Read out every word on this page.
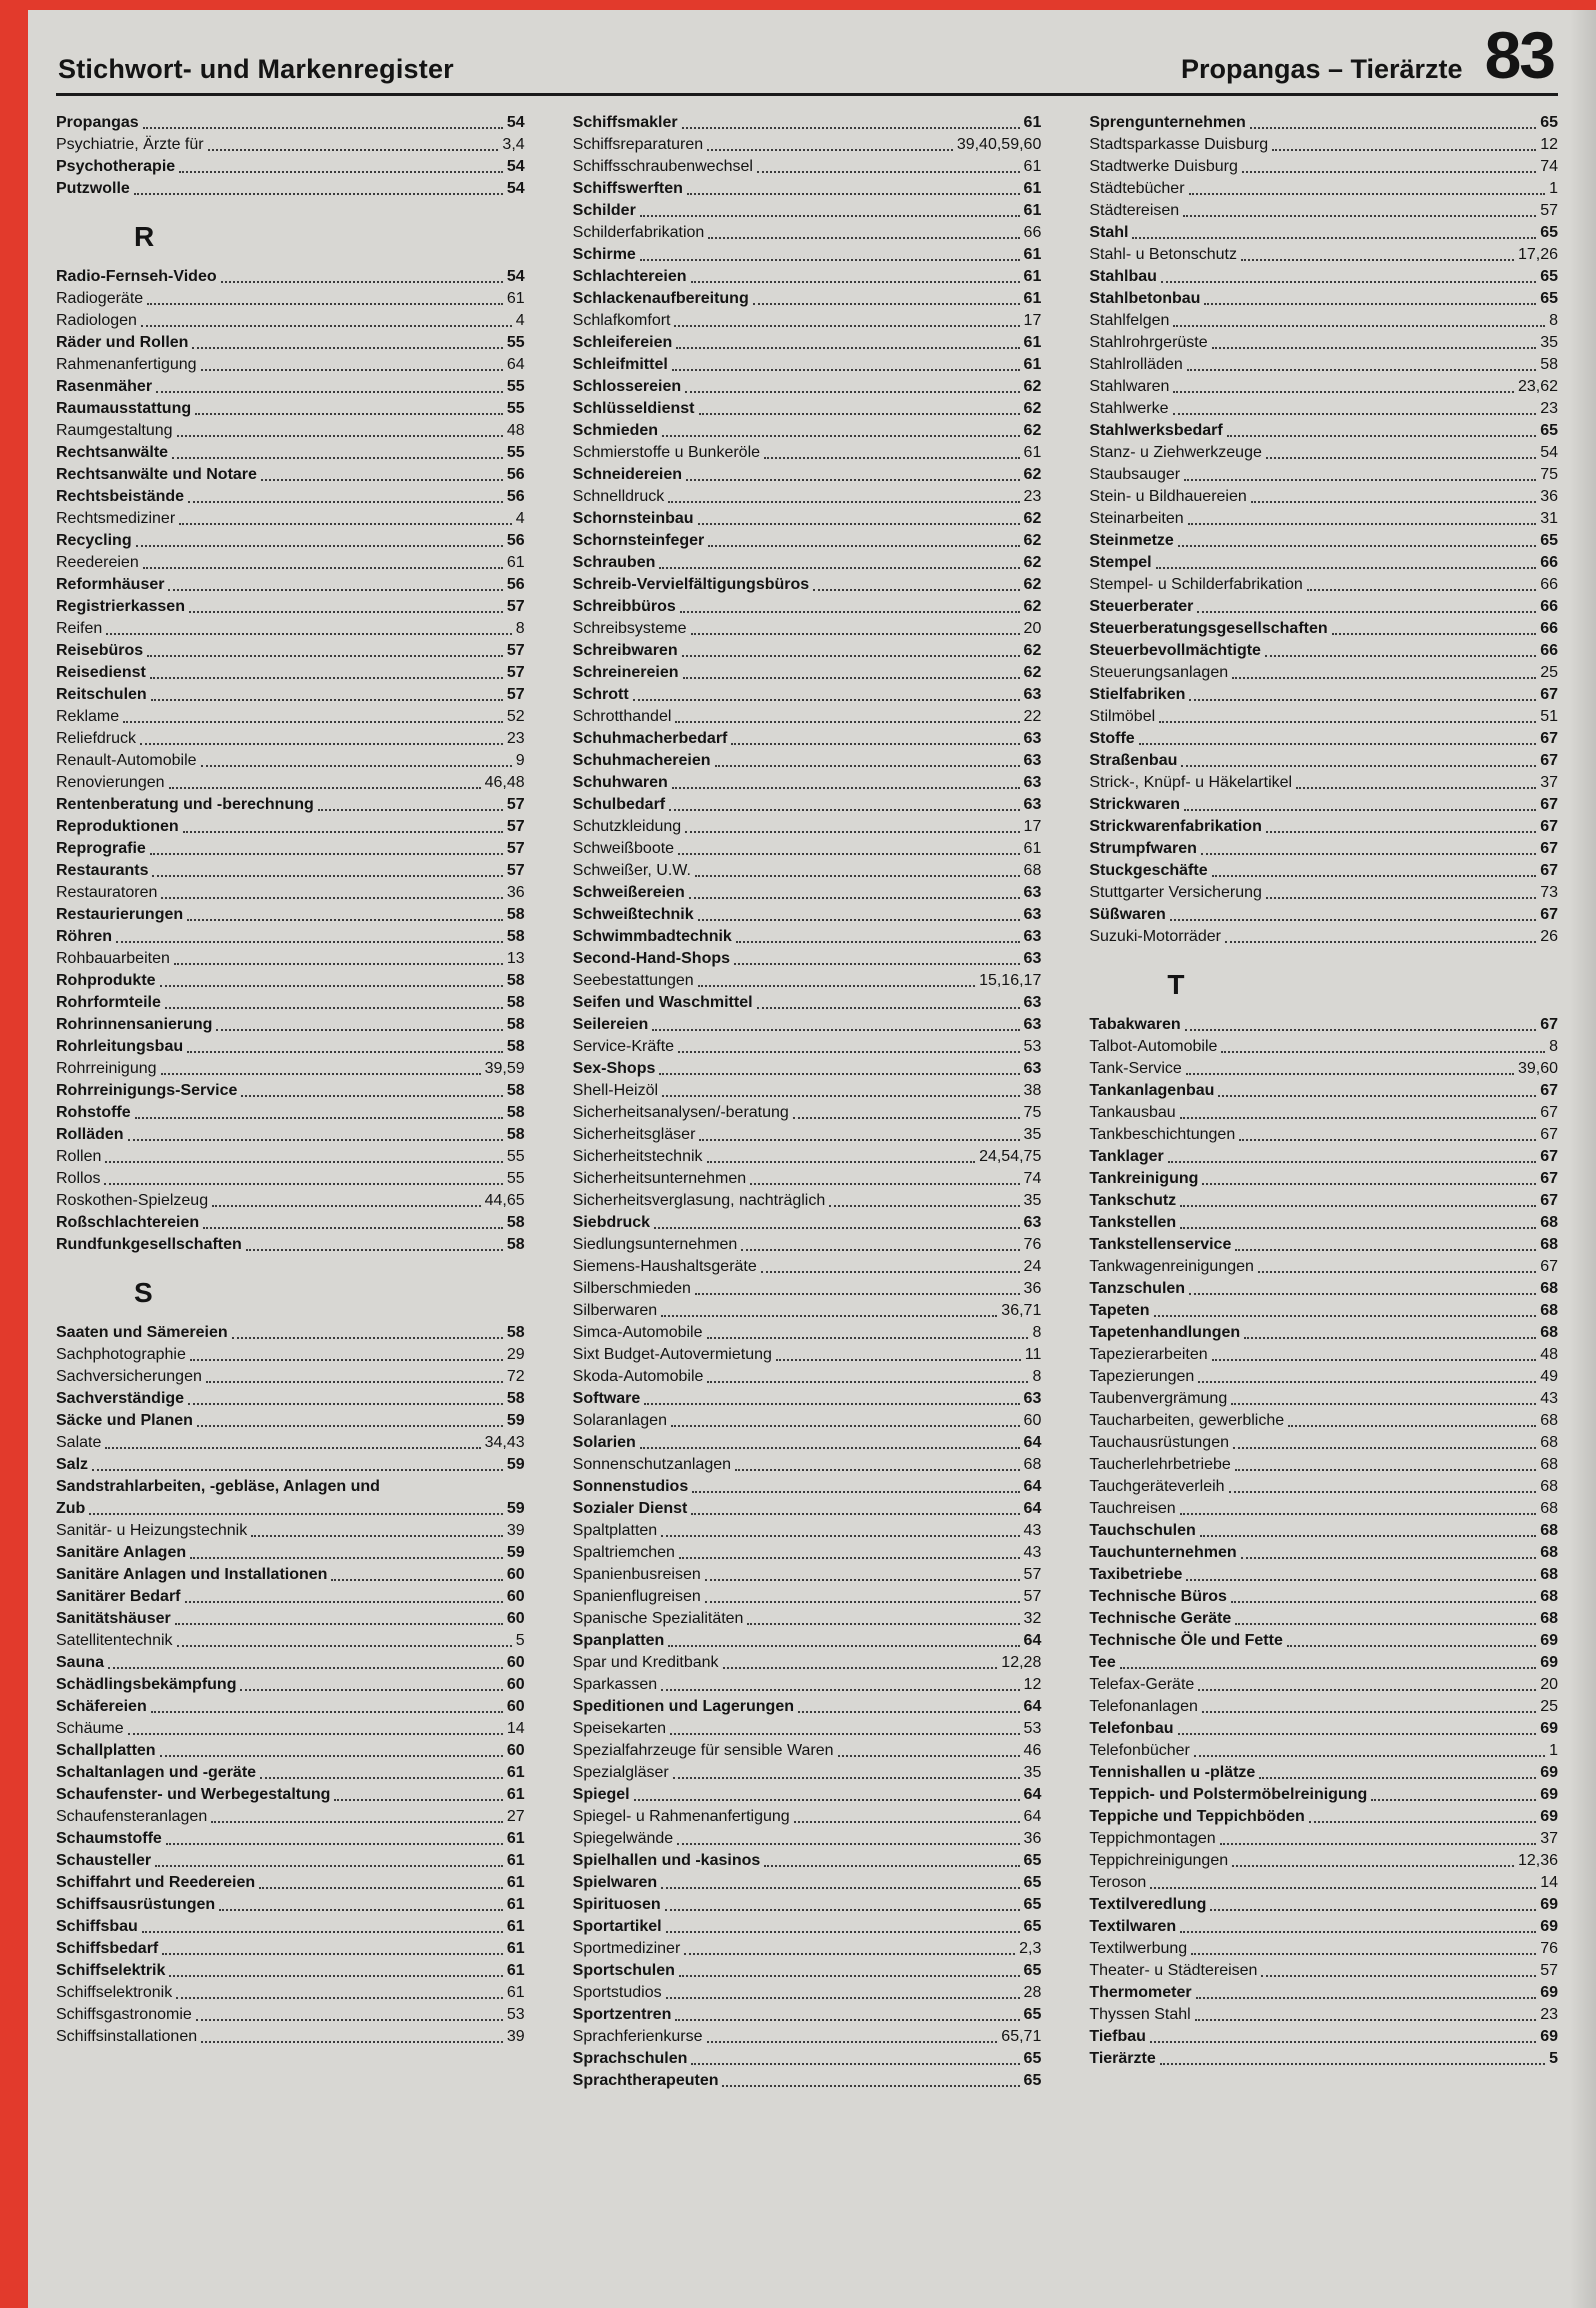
Stichwort- und Markenregister	Propangas – Tierärzte 83
Propangas	54
Psychiatrie, Ärzte für	3,4
Psychotherapie	54
Putzwolle	54
R
Radio-Fernseh-Video	54
Radiogeräte	61
Radiologen	4
Räder und Rollen	55
Rahmenanfertigung	64
Rasenmäher	55
Raumausstattung	55
Raumgestaltung	48
Rechtsanwälte	55
Rechtsanwälte und Notare	56
Rechtsbeistände	56
Rechtsmediziner	4
Recycling	56
Reedereien	61
Reformhäuser	56
Registrierkassen	57
Reifen	8
Reisebüros	57
Reisedienst	57
Reitschulen	57
Reklame	52
Reliefdruck	23
Renault-Automobile	9
Renovierungen	46,48
Rentenberatung und -berechnung	57
Reproduktionen	57
Reprografie	57
Restaurants	57
Restauratoren	36
Restaurierungen	58
Röhren	58
Rohbauarbeiten	13
Rohprodukte	58
Rohrformteile	58
Rohrinnensanierung	58
Rohrleitungsbau	58
Rohrreinigung	39,59
Rohrreinigungs-Service	58
Rohstoffe	58
Rolläden	58
Rollen	55
Rollos	55
Roskothen-Spielzeug	44,65
Roßschlachtereien	58
Rundfunkgesellschaften	58
S
Saaten und Sämereien	58
Sachphotographie	29
Sachversicherungen	72
Sachverständige	58
Säcke und Planen	59
Salate	34,43
Salz	59
Sandstrahlarbeiten, -gebläse, Anlagen und
Zub	59
Sanitär- u Heizungstechnik	39
Sanitäre Anlagen	59
Sanitäre Anlagen und Installationen	60
Sanitärer Bedarf	60
Sanitätshäuser	60
Satellitentechnik	5
Sauna	60
Schädlingsbekämpfung	60
Schäfereien	60
Schäume	14
Schallplatten	60
Schaltanlagen und -geräte	61
Schaufenster- und Werbegestaltung	61
Schaufensteranlagen	27
Schaumstoffe	61
Schausteller	61
Schiffahrt und Reedereien	61
Schiffsausrüstungen	61
Schiffsbau	61
Schiffsbedarf	61
Schiffselektrik	61
Schiffselektronik	61
Schiffsgastronomie	53
Schiffsinstallationen	39
Schiffsmakler	61
Schiffsreparaturen	39,40,59,60
Schiffsschraubenwechsel	61
Schiffswerften	61
Schilder	61
Schilderfabrikation	66
Schirme	61
Schlachtereien	61
Schlackenaufbereitung	61
Schlafkomfort	17
Schleifereien	61
Schleifmittel	61
Schlossereien	62
Schlüsseldienst	62
Schmieden	62
Schmierstoffe u Bunkeröle	61
Schneidereien	62
Schnelldruck	23
Schornsteinbau	62
Schornsteinfeger	62
Schrauben	62
Schreib-Vervielfältigungsbüros	62
Schreibbüros	62
Schreibsysteme	20
Schreibwaren	62
Schreinereien	62
Schrott	63
Schrotthandel	22
Schuhmacherbedarf	63
Schuhmachereien	63
Schuhwaren	63
Schulbedarf	63
Schutzkleidung	17
Schweißboote	61
Schweißer, U.W.	68
Schweißereien	63
Schweißtechnik	63
Schwimmbadtechnik	63
Second-Hand-Shops	63
Seebestattungen	15,16,17
Seifen und Waschmittel	63
Seilereien	63
Service-Kräfte	53
Sex-Shops	63
Shell-Heizöl	38
Sicherheitsanalysen/-beratung	75
Sicherheitsgläser	35
Sicherheitstechnik	24,54,75
Sicherheitsunternehmen	74
Sicherheitsverglasung, nachträglich	35
Siebdruck	63
Siedlungsunternehmen	76
Siemens-Haushaltsgeräte	24
Silberschmieden	36
Silberwaren	36,71
Simca-Automobile	8
Sixt Budget-Autovermietung	11
Skoda-Automobile	8
Software	63
Solaranlagen	60
Solarien	64
Sonnenschutzanlagen	68
Sonnenstudios	64
Sozialer Dienst	64
Spaltplatten	43
Spaltriemchen	43
Spanienbusreisen	57
Spanienflugreisen	57
Spanische Spezialitäten	32
Spanplatten	64
Spar und Kreditbank	12,28
Sparkassen	12
Speditionen und Lagerungen	64
Speisekarten	53
Spezialfahrzeuge für sensible Waren	46
Spezialgläser	35
Spiegel	64
Spiegel- u Rahmenanfertigung	64
Spiegelwände	36
Spielhallen und -kasinos	65
Spielwaren	65
Spirituosen	65
Sportartikel	65
Sportmediziner	2,3
Sportschulen	65
Sportstudios	28
Sportzentren	65
Sprachferienkurse	65,71
Sprachschulen	65
Sprachtherapeuten	65
Sprengunternehmen	65
Stadtsparkasse Duisburg	12
Stadtwerke Duisburg	74
Städtebücher	1
Städtereisen	57
Stahl	65
Stahl- u Betonschutz	17,26
Stahlbau	65
Stahlbetonbau	65
Stahlfelgen	8
Stahlrohrgerüste	35
Stahlrolläden	58
Stahlwaren	23,62
Stahlwerke	23
Stahlwerksbedarf	65
Stanz- u Ziehwerkzeuge	54
Staubsauger	75
Stein- u Bildhauereien	36
Steinarbeiten	31
Steinmetze	65
Stempel	66
Stempel- u Schilderfabrikation	66
Steuerberater	66
Steuerberatungsgesellschaften	66
Steuerbevollmächtigte	66
Steuerungsanlagen	25
Stielfabriken	67
Stilmöbel	51
Stoffe	67
Straßenbau	67
Strick-, Knüpf- u Häkelartikel	37
Strickwaren	67
Strickwarenfabrikation	67
Strumpfwaren	67
Stuckgeschäfte	67
Stuttgarter Versicherung	73
Süßwaren	67
Suzuki-Motorräder	26
T
Tabakwaren	67
Talbot-Automobile	8
Tank-Service	39,60
Tankanlagenbau	67
Tankausbau	67
Tankbeschichtungen	67
Tanklager	67
Tankreinigung	67
Tankschutz	67
Tankstellen	68
Tankstellenservice	68
Tankwagenreinigungen	67
Tanzschulen	68
Tapeten	68
Tapetenhandlungen	68
Tapezierarbeiten	48
Tapezierungen	49
Taubenvergrämung	43
Taucharbeiten, gewerbliche	68
Tauchausrüstungen	68
Taucherlehrbetriebe	68
Tauchgeräteverleih	68
Tauchreisen	68
Tauchschulen	68
Tauchunternehmen	68
Taxibetriebe	68
Technische Büros	68
Technische Geräte	68
Technische Öle und Fette	69
Tee	69
Telefax-Geräte	20
Telefonanlagen	25
Telefonbau	69
Telefonbücher	1
Tennishallen u -plätze	69
Teppich- und Polstermöbelreinigung	69
Teppiche und Teppichböden	69
Teppichmontagen	37
Teppichreinigungen	12,36
Teroson	14
Textilveredlung	69
Textilwaren	69
Textilwerbung	76
Theater- u Städtereisen	57
Thermometer	69
Thyssen Stahl	23
Tiefbau	69
Tierärzte	5
